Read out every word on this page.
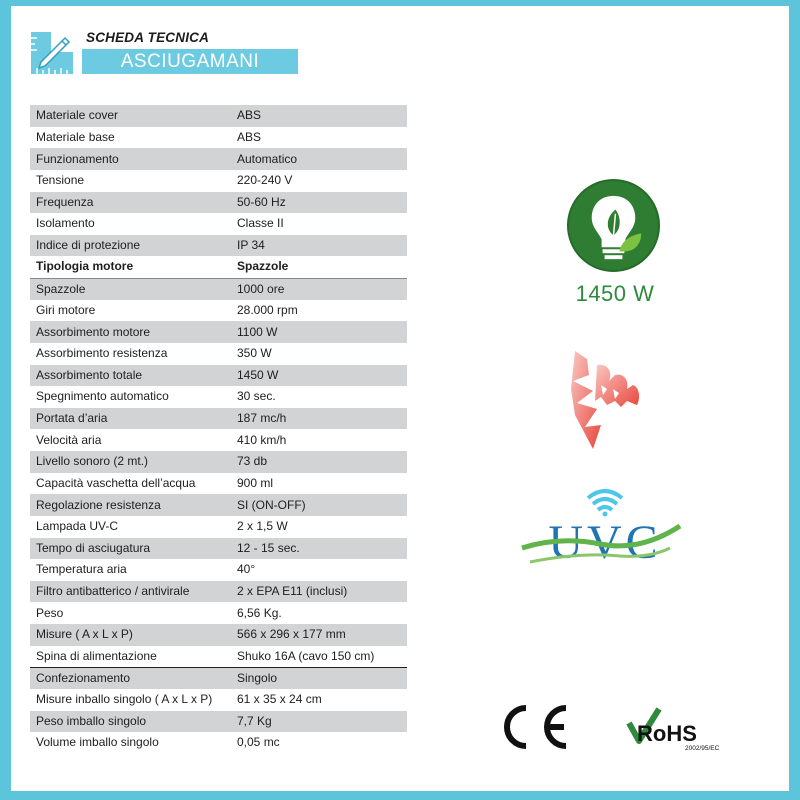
SCHEDA TECNICA
ASCIUGAMANI
Materiale cover	ABS
Materiale base	ABS
Funzionamento	Automatico
Tensione	220-240 V
Frequenza	50-60 Hz
Isolamento	Classe II
Indice di protezione	IP 34
Tipologia motore	Spazzole
Spazzole	1000 ore
Giri motore	28.000 rpm
Assorbimento motore	1100 W
Assorbimento resistenza	350 W
Assorbimento totale	1450 W
Spegnimento automatico	30 sec.
Portata d’aria	187 mc/h
Velocità aria	410 km/h
Livello sonoro (2 mt.)	73 db
Capacità vaschetta dell’acqua	900 ml
Regolazione resistenza	SI (ON-OFF)
Lampada UV-C	2 x 1,5 W
Tempo di asciugatura	12 - 15 sec.
Temperatura aria	40°
Filtro antibatterico / antivirale	2 x EPA E11 (inclusi)
Peso	6,56 Kg.
Misure ( A x L x P)	566 x 296 x 177 mm
Spina di alimentazione	Shuko 16A (cavo 150 cm)
Confezionamento	Singolo
Misure inballo singolo ( A x L x P)	61 x 35 x 24 cm
Peso imballo singolo	7,7 Kg
Volume imballo singolo	0,05 mc
1450 W
UVC
RoHS
2002/95/EC
